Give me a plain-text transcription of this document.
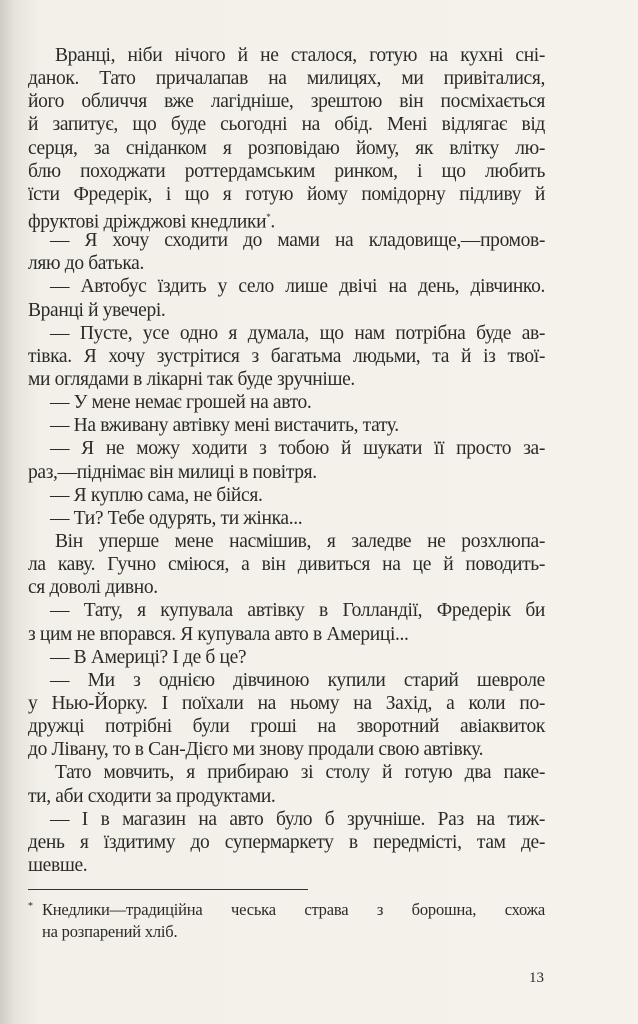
Вранці, ніби нічого й не сталося, готую на кухні сні-
данок. Тато причалапав на милицях, ми привіталися,
його обличчя вже лагідніше, зрештою він посміхається
й запитує, що буде сьогодні на обід. Мені відлягає від
серця, за сніданком я розповідаю йому, як влітку лю-
блю походжати роттердамським ринком, і що любить
їсти Фредерік, і що я готую йому помідорну підливу й
фруктові дріжджові кнедлики*.
— Я хочу сходити до мами на кладовище,—промов-
ляю до батька.
— Автобус їздить у село лише двічі на день, дівчинко.
Вранці й увечері.
— Пусте, усе одно я думала, що нам потрібна буде ав-
тівка. Я хочу зустрітися з багатьма людьми, та й із твої-
ми оглядами в лікарні так буде зручніше.
— У мене немає грошей на авто.
— На вживану автівку мені вистачить, тату.
— Я не можу ходити з тобою й шукати її просто за-
раз,—піднімає він милиці в повітря.
— Я куплю сама, не бійся.
— Ти? Тебе одурять, ти жінка...
Він уперше мене насмішив, я заледве не розхлюпа-
ла каву. Гучно сміюся, а він дивиться на це й поводить-
ся доволі дивно.
— Тату, я купувала автівку в Голландії, Фредерік би
з цим не впорався. Я купувала авто в Америці...
— В Америці? І де б це?
— Ми з однією дівчиною купили старий шевроле
у Нью-Йорку. І поїхали на ньому на Захід, а коли по-
дружці потрібні були гроші на зворотний авіаквиток
до Лівану, то в Сан-Дієго ми знову продали свою автівку.
Тато мовчить, я прибираю зі столу й готую два паке-
ти, аби сходити за продуктами.
— І в магазин на авто було б зручніше. Раз на тиж-
день я їздитиму до супермаркету в передмісті, там де-
шевше.
* Кнедлики—традиційна чеська страва з борошна, схожа
на розпарений хліб.
13
